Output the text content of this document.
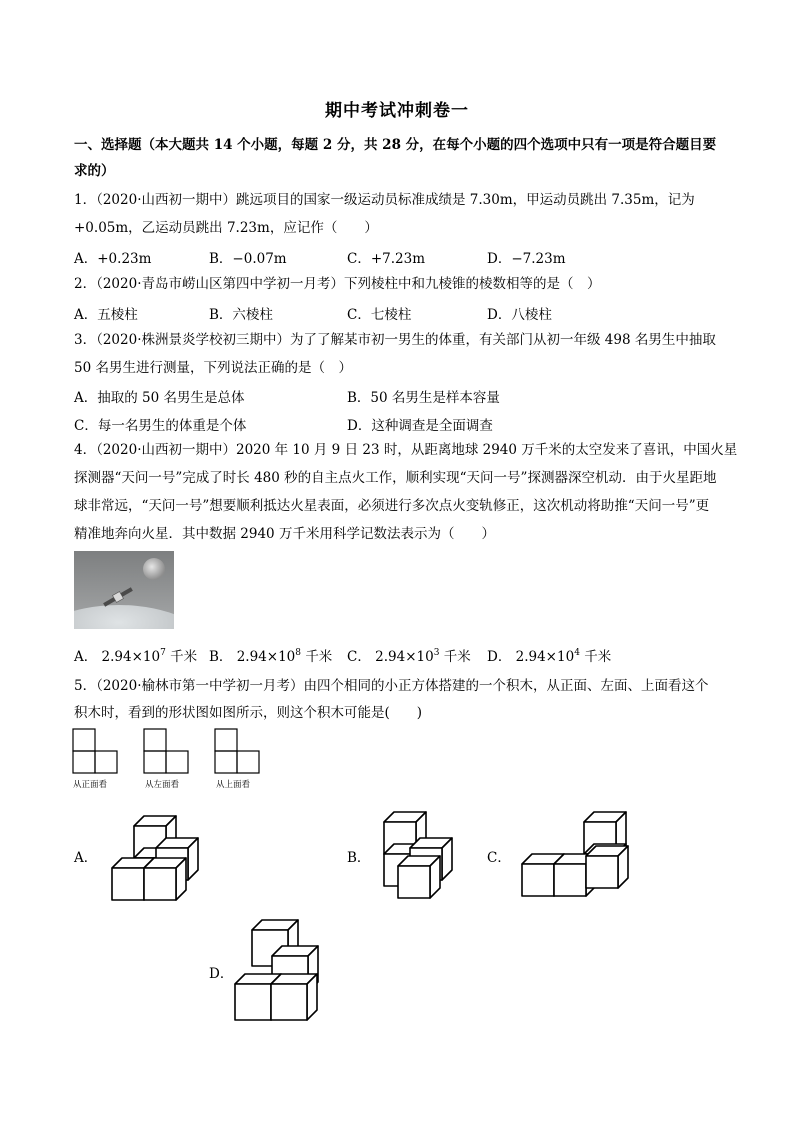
期中考试冲刺卷一
一、选择题（本大题共 14 个小题，每题 2 分，共 28 分，在每个小题的四个选项中只有一项是符合题目要
求的）
1．（2020·山西初一期中）跳远项目的国家一级运动员标准成绩是 7.30m，甲运动员跳出 7.35m，记为
+0.05m，乙运动员跳出 7.23m，应记作（　　）
A．+0.23m	B．−0.07m	C．+7.23m	D．−7.23m
2．（2020·青岛市崂山区第四中学初一月考）下列棱柱中和九棱锥的棱数相等的是（　）
A．五棱柱	B．六棱柱	C．七棱柱	D．八棱柱
3．（2020·株洲景炎学校初三期中）为了了解某市初一男生的体重，有关部门从初一年级 498 名男生中抽取
50 名男生进行测量，下列说法正确的是（　）
A．抽取的 50 名男生是总体	B．50 名男生是样本容量
C．每一名男生的体重是个体	D．这种调查是全面调查
4．（2020·山西初一期中）2020 年 10 月 9 日 23 时，从距离地球 2940 万千米的太空发来了喜讯，中国火星
探测器“天问一号”完成了时长 480 秒的自主点火工作，顺利实现“天问一号”探测器深空机动．由于火星距地
球非常远，“天问一号”想要顺利抵达火星表面，必须进行多次点火变轨修正，这次机动将助推“天问一号”更
精准地奔向火星．其中数据 2940 万千米用科学记数法表示为（　　）
A． $2.94\times 10^7$ 千米 B． $2.94\times 10^8$ 千米 C． $2.94\times 10^3$ 千米 D． $2.94\times 10^4$ 千米
5．（2020·榆林市第一中学初一月考）由四个相同的小正方体搭建的一个积木，从正面、左面、上面看这个
积木时，看到的形状图如图所示，则这个积木可能是(　　)
从正面看	从左面看	从上面看
A．	B．	C．
D．
